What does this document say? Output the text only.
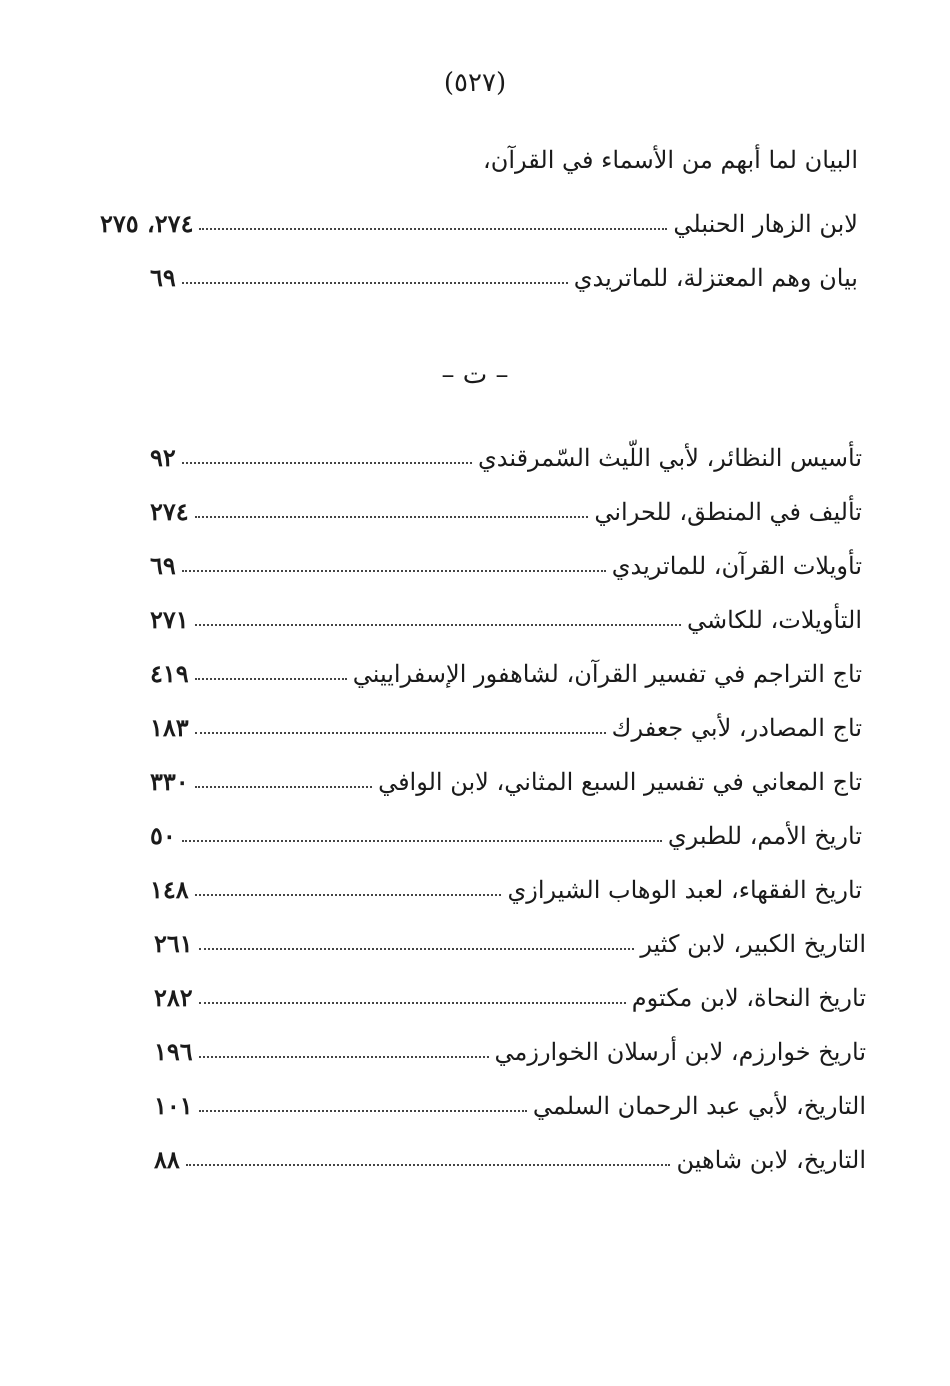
(٥٢٧)
البيان لما أبهم من الأسماء في القرآن،
لابن الزهار الحنبلي
٢٧٤، ٢٧٥
بيان وهم المعتزلة، للماتريدي
٦٩
– ت –
تأسيس النظائر، لأبي اللّيث السّمرقندي
٩٢
تأليف في المنطق، للحراني
٢٧٤
تأويلات القرآن، للماتريدي
٦٩
التأويلات، للكاشي
٢٧١
تاج التراجم في تفسير القرآن، لشاهفور الإسفراييني
٤١٩
تاج المصادر، لأبي جعفرك
١٨٣
تاج المعاني في تفسير السبع المثاني، لابن الوافي
٣٣٠
تاريخ الأمم، للطبري
٥٠
تاريخ الفقهاء، لعبد الوهاب الشيرازي
١٤٨
التاريخ الكبير، لابن كثير
٢٦١
تاريخ النحاة، لابن مكتوم
٢٨٢
تاريخ خوارزم، لابن أرسلان الخوارزمي
١٩٦
التاريخ، لأبي عبد الرحمان السلمي
١٠١
التاريخ، لابن شاهين
٨٨
